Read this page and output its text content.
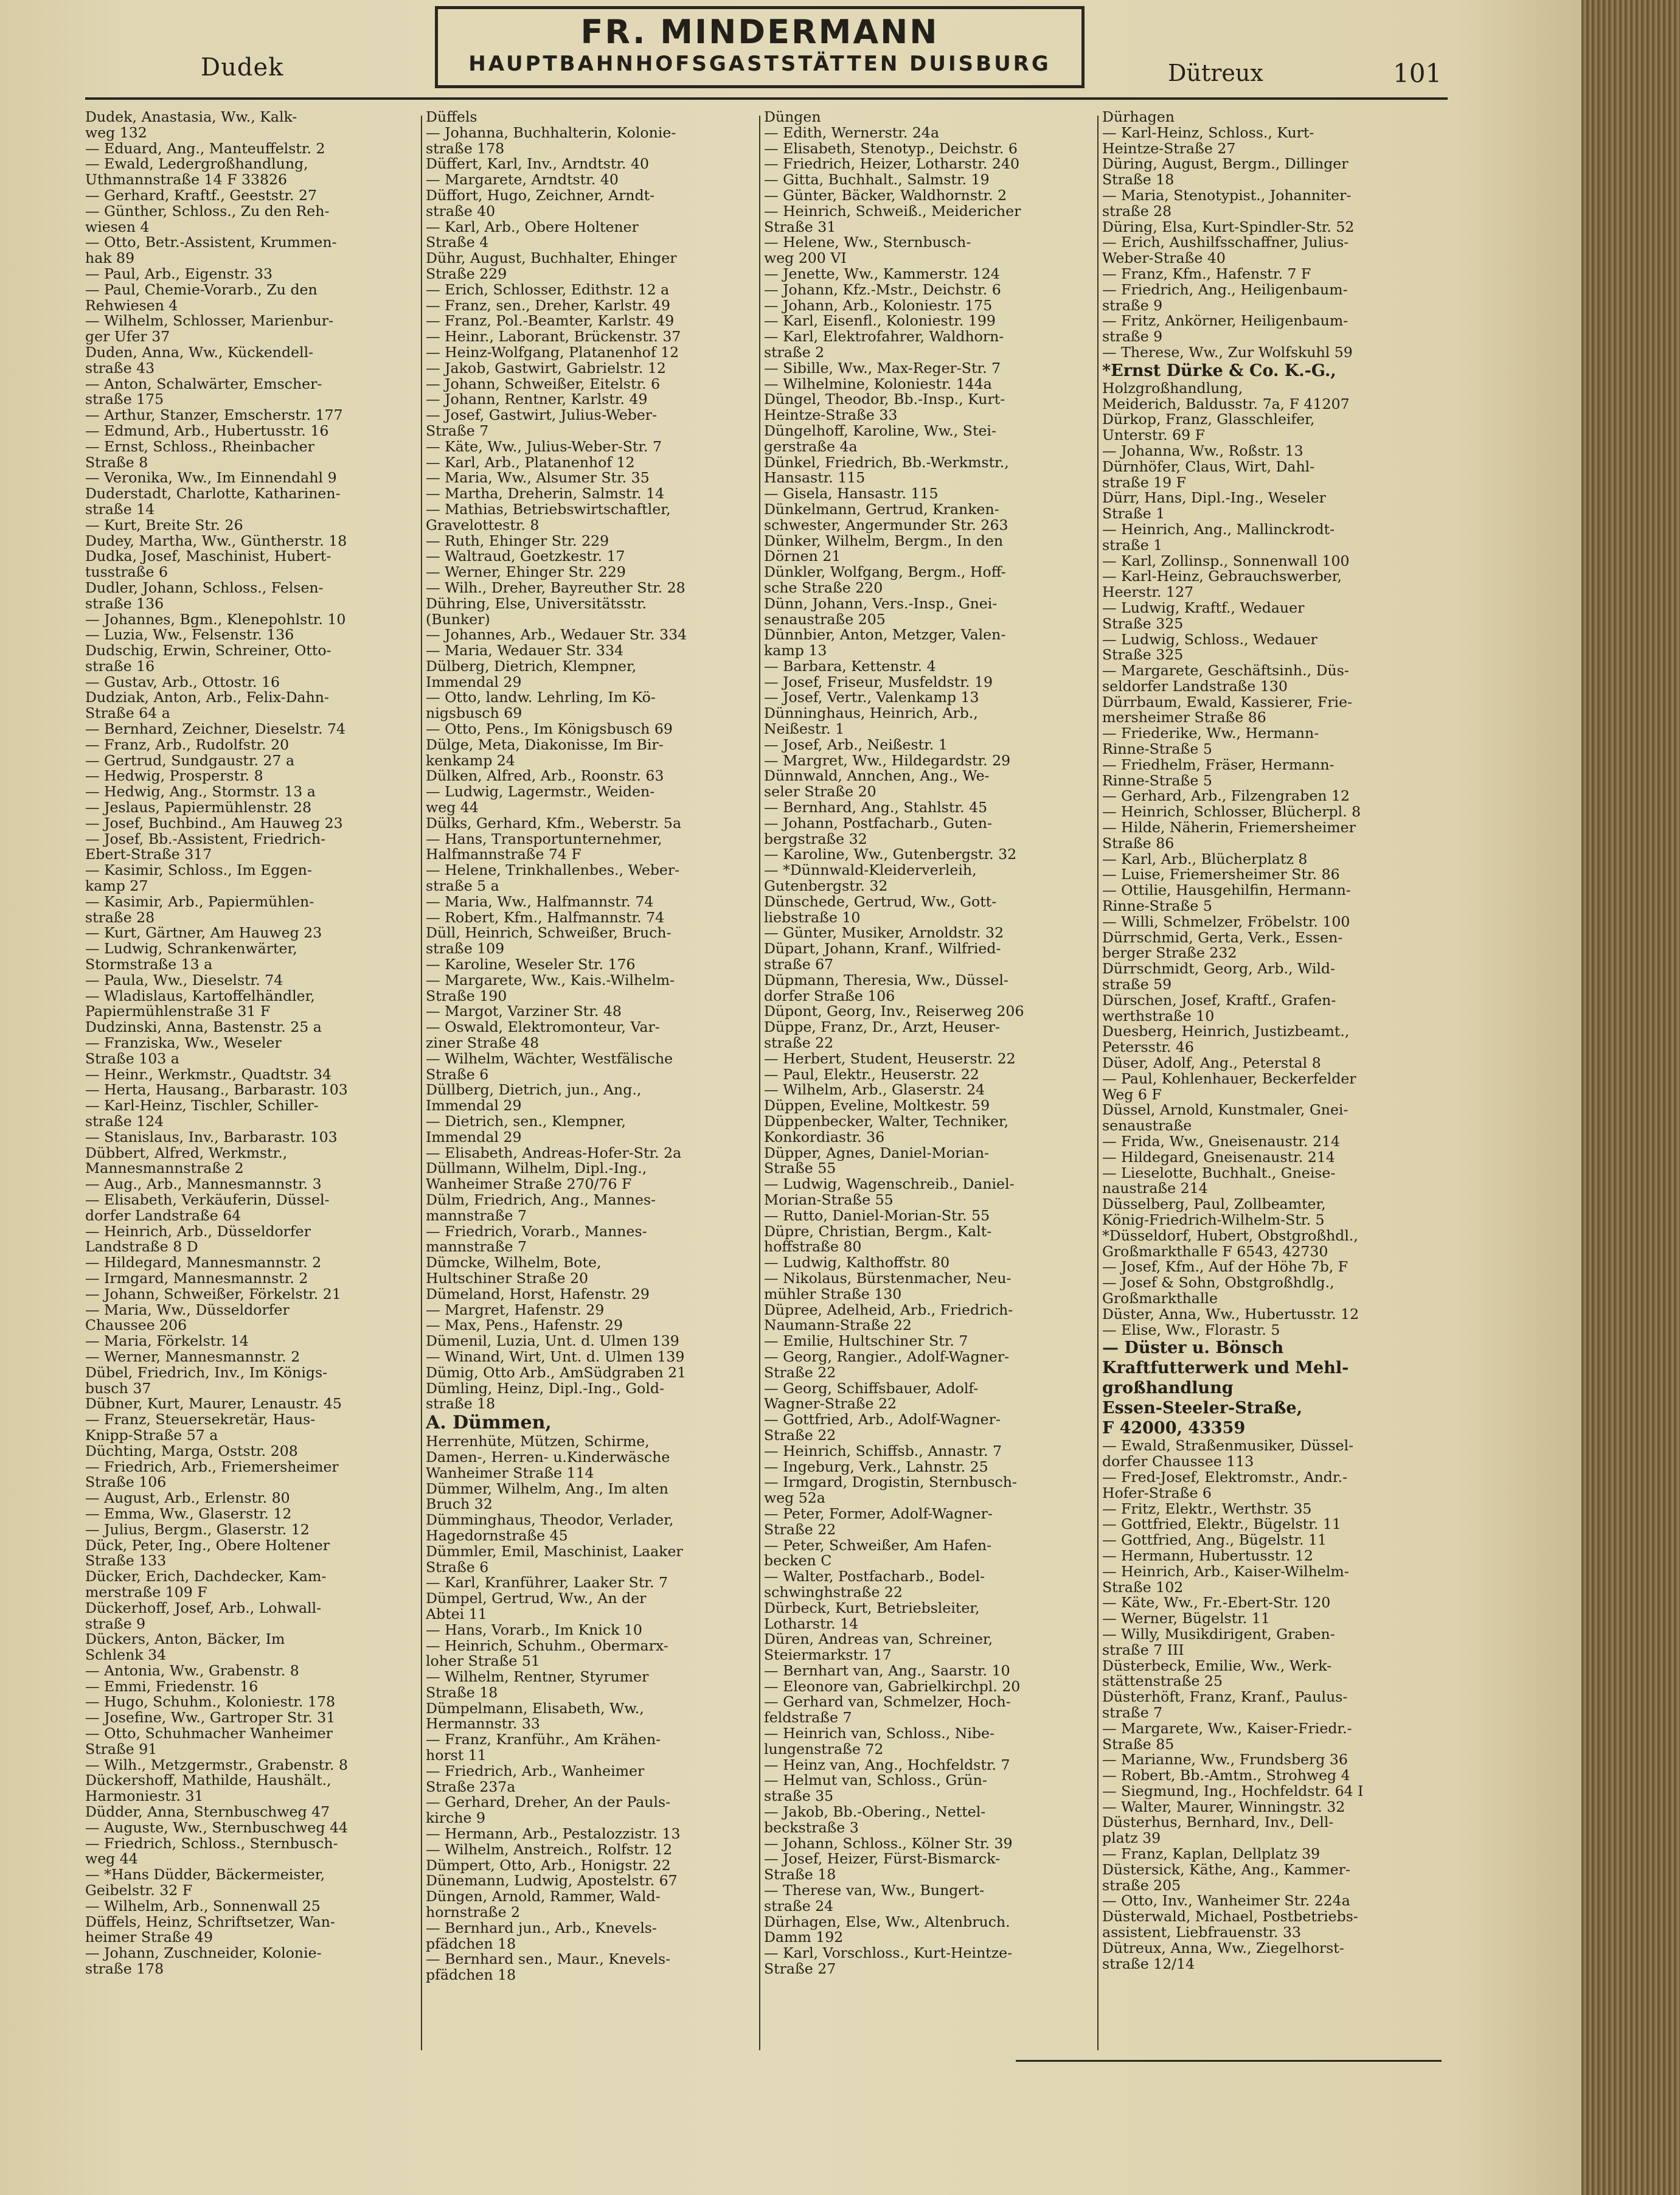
Dudek
FR. MINDERMANN
HAUPTBAHNHOFSGASTSTÄTTEN DUISBURG	Dütreux	101
Dudek, Anastasia, Ww., Kalk-
weg 132
— Eduard, Ang., Manteuffelstr. 2
— Ewald, Ledergroßhandlung,
Uthmannstraße 14 F 33826
— Gerhard, Kraftf., Geeststr. 27
— Günther, Schloss., Zu den Reh-
wiesen 4
— Otto, Betr.-Assistent, Krummen-
hak 89
— Paul, Arb., Eigenstr. 33
— Paul, Chemie-Vorarb., Zu den
Rehwiesen 4
— Wilhelm, Schlosser, Marienbur-
ger Ufer 37
Duden, Anna, Ww., Kückendell-
straße 43
— Anton, Schalwärter, Emscher-
straße 175
— Arthur, Stanzer, Emscherstr. 177
— Edmund, Arb., Hubertusstr. 16
— Ernst, Schloss., Rheinbacher
Straße 8
— Veronika, Ww., Im Einnendahl 9
Duderstadt, Charlotte, Katharinen-
straße 14
— Kurt, Breite Str. 26
Dudey, Martha, Ww., Güntherstr. 18
Dudka, Josef, Maschinist, Hubert-
tusstraße 6
Dudler, Johann, Schloss., Felsen-
straße 136
— Johannes, Bgm., Klenepohlstr. 10
— Luzia, Ww., Felsenstr. 136
Dudschig, Erwin, Schreiner, Otto-
straße 16
— Gustav, Arb., Ottostr. 16
Dudziak, Anton, Arb., Felix-Dahn-
Straße 64 a
— Bernhard, Zeichner, Dieselstr. 74
— Franz, Arb., Rudolfstr. 20
— Gertrud, Sundgaustr. 27 a
— Hedwig, Prosperstr. 8
— Hedwig, Ang., Stormstr. 13 a
— Jeslaus, Papiermühlenstr. 28
— Josef, Buchbind., Am Hauweg 23
— Josef, Bb.-Assistent, Friedrich-
Ebert-Straße 317
— Kasimir, Schloss., Im Eggen-
kamp 27
— Kasimir, Arb., Papiermühlen-
straße 28
— Kurt, Gärtner, Am Hauweg 23
— Ludwig, Schrankenwärter,
Stormstraße 13 a
— Paula, Ww., Dieselstr. 74
— Wladislaus, Kartoffelhändler,
Papiermühlenstraße 31 F
Dudzinski, Anna, Bastenstr. 25 a
— Franziska, Ww., Weseler
Straße 103 a
— Heinr., Werkmstr., Quadtstr. 34
— Herta, Hausang., Barbarastr. 103
— Karl-Heinz, Tischler, Schiller-
straße 124
— Stanislaus, Inv., Barbarastr. 103
Dübbert, Alfred, Werkmstr.,
Mannesmannstraße 2
— Aug., Arb., Mannesmannstr. 3
— Elisabeth, Verkäuferin, Düssel-
dorfer Landstraße 64
— Heinrich, Arb., Düsseldorfer
Landstraße 8 D
— Hildegard, Mannesmannstr. 2
— Irmgard, Mannesmannstr. 2
— Johann, Schweißer, Förkelstr. 21
— Maria, Ww., Düsseldorfer
Chaussee 206
— Maria, Förkelstr. 14
— Werner, Mannesmannstr. 2
Dübel, Friedrich, Inv., Im Königs-
busch 37
Dübner, Kurt, Maurer, Lenaustr. 45
— Franz, Steuersekretär, Haus-
Knipp-Straße 57 a
Düchting, Marga, Oststr. 208
— Friedrich, Arb., Friemersheimer
Straße 106
— August, Arb., Erlenstr. 80
— Emma, Ww., Glaserstr. 12
— Julius, Bergm., Glaserstr. 12
Dück, Peter, Ing., Obere Holtener
Straße 133
Dücker, Erich, Dachdecker, Kam-
merstraße 109 F
Dückerhoff, Josef, Arb., Lohwall-
straße 9
Dückers, Anton, Bäcker, Im
Schlenk 34
— Antonia, Ww., Grabenstr. 8
— Emmi, Friedenstr. 16
— Hugo, Schuhm., Koloniestr. 178
— Josefine, Ww., Gartroper Str. 31
— Otto, Schuhmacher Wanheimer
Straße 91
— Wilh., Metzgermstr., Grabenstr. 8
Dückershoff, Mathilde, Haushält.,
Harmoniestr. 31
Düdder, Anna, Sternbuschweg 47
— Auguste, Ww., Sternbuschweg 44
— Friedrich, Schloss., Sternbusch-
weg 44
— *Hans Düdder, Bäckermeister,
Geibelstr. 32 F
— Wilhelm, Arb., Sonnenwall 25
Düffels, Heinz, Schriftsetzer, Wan-
heimer Straße 49
— Johann, Zuschneider, Kolonie-
straße 178
Düffels
— Johanna, Buchhalterin, Kolonie-
straße 178
Düffert, Karl, Inv., Arndtstr. 40
— Margarete, Arndtstr. 40
Düffort, Hugo, Zeichner, Arndt-
straße 40
— Karl, Arb., Obere Holtener
Straße 4
Dühr, August, Buchhalter, Ehinger
Straße 229
— Erich, Schlosser, Edithstr. 12 a
— Franz, sen., Dreher, Karlstr. 49
— Franz, Pol.-Beamter, Karlstr. 49
— Heinr., Laborant, Brückenstr. 37
— Heinz-Wolfgang, Platanenhof 12
— Jakob, Gastwirt, Gabrielstr. 12
— Johann, Schweißer, Eitelstr. 6
— Johann, Rentner, Karlstr. 49
— Josef, Gastwirt, Julius-Weber-
Straße 7
— Käte, Ww., Julius-Weber-Str. 7
— Karl, Arb., Platanenhof 12
— Maria, Ww., Alsumer Str. 35
— Martha, Dreherin, Salmstr. 14
— Mathias, Betriebswirtschaftler,
Gravelottestr. 8
— Ruth, Ehinger Str. 229
— Waltraud, Goetzkestr. 17
— Werner, Ehinger Str. 229
— Wilh., Dreher, Bayreuther Str. 28
Dühring, Else, Universitätsstr.
(Bunker)
— Johannes, Arb., Wedauer Str. 334
— Maria, Wedauer Str. 334
Dülberg, Dietrich, Klempner,
Immendal 29
— Otto, landw. Lehrling, Im Kö-
nigsbusch 69
— Otto, Pens., Im Königsbusch 69
Dülge, Meta, Diakonisse, Im Bir-
kenkamp 24
Dülken, Alfred, Arb., Roonstr. 63
— Ludwig, Lagermstr., Weiden-
weg 44
Dülks, Gerhard, Kfm., Weberstr. 5a
— Hans, Transportunternehmer,
Halfmannstraße 74 F
— Helene, Trinkhallenbes., Weber-
straße 5 a
— Maria, Ww., Halfmannstr. 74
— Robert, Kfm., Halfmannstr. 74
Düll, Heinrich, Schweißer, Bruch-
straße 109
— Karoline, Weseler Str. 176
— Margarete, Ww., Kais.-Wilhelm-
Straße 190
— Margot, Varziner Str. 48
— Oswald, Elektromonteur, Var-
ziner Straße 48
— Wilhelm, Wächter, Westfälische
Straße 6
Düllberg, Dietrich, jun., Ang.,
Immendal 29
— Dietrich, sen., Klempner,
Immendal 29
— Elisabeth, Andreas-Hofer-Str. 2a
Düllmann, Wilhelm, Dipl.-Ing.,
Wanheimer Straße 270/76 F
Dülm, Friedrich, Ang., Mannes-
mannstraße 7
— Friedrich, Vorarb., Mannes-
mannstraße 7
Dümcke, Wilhelm, Bote,
Hultschiner Straße 20
Dümeland, Horst, Hafenstr. 29
— Margret, Hafenstr. 29
— Max, Pens., Hafenstr. 29
Dümenil, Luzia, Unt. d. Ulmen 139
— Winand, Wirt, Unt. d. Ulmen 139
Dümig, Otto Arb., AmSüdgraben 21
Dümling, Heinz, Dipl.-Ing., Gold-
straße 18
A. Dümmen,
Herrenhüte, Mützen, Schirme,
Damen-, Herren- u.Kinderwäsche
Wanheimer Straße 114
Dümmer, Wilhelm, Ang., Im alten
Bruch 32
Dümminghaus, Theodor, Verlader,
Hagedornstraße 45
Dümmler, Emil, Maschinist, Laaker
Straße 6
— Karl, Kranführer, Laaker Str. 7
Dümpel, Gertrud, Ww., An der
Abtei 11
— Hans, Vorarb., Im Knick 10
— Heinrich, Schuhm., Obermarx-
loher Straße 51
— Wilhelm, Rentner, Styrumer
Straße 18
Dümpelmann, Elisabeth, Ww.,
Hermannstr. 33
— Franz, Kranführ., Am Krähen-
horst 11
— Friedrich, Arb., Wanheimer
Straße 237a
— Gerhard, Dreher, An der Pauls-
kirche 9
— Hermann, Arb., Pestalozzistr. 13
— Wilhelm, Anstreich., Rolfstr. 12
Dümpert, Otto, Arb., Honigstr. 22
Dünemann, Ludwig, Apostelstr. 67
Düngen, Arnold, Rammer, Wald-
hornstraße 2
— Bernhard jun., Arb., Knevels-
pfädchen 18
— Bernhard sen., Maur., Knevels-
pfädchen 18
Düngen
— Edith, Wernerstr. 24a
— Elisabeth, Stenotyp., Deichstr. 6
— Friedrich, Heizer, Lotharstr. 240
— Gitta, Buchhalt., Salmstr. 19
— Günter, Bäcker, Waldhornstr. 2
— Heinrich, Schweiß., Meidericher
Straße 31
— Helene, Ww., Sternbusch-
weg 200 VI
— Jenette, Ww., Kammerstr. 124
— Johann, Kfz.-Mstr., Deichstr. 6
— Johann, Arb., Koloniestr. 175
— Karl, Eisenfl., Koloniestr. 199
— Karl, Elektrofahrer, Waldhorn-
straße 2
— Sibille, Ww., Max-Reger-Str. 7
— Wilhelmine, Koloniestr. 144a
Düngel, Theodor, Bb.-Insp., Kurt-
Heintze-Straße 33
Düngelhoff, Karoline, Ww., Stei-
gerstraße 4a
Dünkel, Friedrich, Bb.-Werkmstr.,
Hansastr. 115
— Gisela, Hansastr. 115
Dünkelmann, Gertrud, Kranken-
schwester, Angermunder Str. 263
Dünker, Wilhelm, Bergm., In den
Dörnen 21
Dünkler, Wolfgang, Bergm., Hoff-
sche Straße 220
Dünn, Johann, Vers.-Insp., Gnei-
senaustraße 205
Dünnbier, Anton, Metzger, Valen-
kamp 13
— Barbara, Kettenstr. 4
— Josef, Friseur, Musfeldstr. 19
— Josef, Vertr., Valenkamp 13
Dünninghaus, Heinrich, Arb.,
Neißestr. 1
— Josef, Arb., Neißestr. 1
— Margret, Ww., Hildegardstr. 29
Dünnwald, Annchen, Ang., We-
seler Straße 20
— Bernhard, Ang., Stahlstr. 45
— Johann, Postfacharb., Guten-
bergstraße 32
— Karoline, Ww., Gutenbergstr. 32
— *Dünnwald-Kleiderverleih,
Gutenbergstr. 32
Dünschede, Gertrud, Ww., Gott-
liebstraße 10
— Günter, Musiker, Arnoldstr. 32
Düpart, Johann, Kranf., Wilfried-
straße 67
Düpmann, Theresia, Ww., Düssel-
dorfer Straße 106
Düpont, Georg, Inv., Reiserweg 206
Düppe, Franz, Dr., Arzt, Heuser-
straße 22
— Herbert, Student, Heuserstr. 22
— Paul, Elektr., Heuserstr. 22
— Wilhelm, Arb., Glaserstr. 24
Düppen, Eveline, Moltkestr. 59
Düppenbecker, Walter, Techniker,
Konkordiastr. 36
Düpper, Agnes, Daniel-Morian-
Straße 55
— Ludwig, Wagenschreib., Daniel-
Morian-Straße 55
— Rutto, Daniel-Morian-Str. 55
Düpre, Christian, Bergm., Kalt-
hoffstraße 80
— Ludwig, Kalthoffstr. 80
— Nikolaus, Bürstenmacher, Neu-
mühler Straße 130
Düpree, Adelheid, Arb., Friedrich-
Naumann-Straße 22
— Emilie, Hultschiner Str. 7
— Georg, Rangier., Adolf-Wagner-
Straße 22
— Georg, Schiffsbauer, Adolf-
Wagner-Straße 22
— Gottfried, Arb., Adolf-Wagner-
Straße 22
— Heinrich, Schiffsb., Annastr. 7
— Ingeburg, Verk., Lahnstr. 25
— Irmgard, Drogistin, Sternbusch-
weg 52a
— Peter, Former, Adolf-Wagner-
Straße 22
— Peter, Schweißer, Am Hafen-
becken C
— Walter, Postfacharb., Bodel-
schwinghstraße 22
Dürbeck, Kurt, Betriebsleiter,
Lotharstr. 14
Düren, Andreas van, Schreiner,
Steiermarkstr. 17
— Bernhart van, Ang., Saarstr. 10
— Eleonore van, Gabrielkirchpl. 20
— Gerhard van, Schmelzer, Hoch-
feldstraße 7
— Heinrich van, Schloss., Nibe-
lungenstraße 72
— Heinz van, Ang., Hochfeldstr. 7
— Helmut van, Schloss., Grün-
straße 35
— Jakob, Bb.-Obering., Nettel-
beckstraße 3
— Johann, Schloss., Kölner Str. 39
— Josef, Heizer, Fürst-Bismarck-
Straße 18
— Therese van, Ww., Bungert-
straße 24
Dürhagen, Else, Ww., Altenbruch.
Damm 192
— Karl, Vorschloss., Kurt-Heintze-
Straße 27
Dürhagen
— Karl-Heinz, Schloss., Kurt-
Heintze-Straße 27
Düring, August, Bergm., Dillinger
Straße 18
— Maria, Stenotypist., Johanniter-
straße 28
Düring, Elsa, Kurt-Spindler-Str. 52
— Erich, Aushilfsschaffner, Julius-
Weber-Straße 40
— Franz, Kfm., Hafenstr. 7 F
— Friedrich, Ang., Heiligenbaum-
straße 9
— Fritz, Ankörner, Heiligenbaum-
straße 9
— Therese, Ww., Zur Wolfskuhl 59
*Ernst Dürke & Co. K.-G.,
Holzgroßhandlung,
Meiderich, Baldusstr. 7a, F 41207
Dürkop, Franz, Glasschleifer,
Unterstr. 69 F
— Johanna, Ww., Roßstr. 13
Dürnhöfer, Claus, Wirt, Dahl-
straße 19 F
Dürr, Hans, Dipl.-Ing., Weseler
Straße 1
— Heinrich, Ang., Mallinckrodt-
straße 1
— Karl, Zollinsp., Sonnenwall 100
— Karl-Heinz, Gebrauchswerber,
Heerstr. 127
— Ludwig, Kraftf., Wedauer
Straße 325
— Ludwig, Schloss., Wedauer
Straße 325
— Margarete, Geschäftsinh., Düs-
seldorfer Landstraße 130
Dürrbaum, Ewald, Kassierer, Frie-
mersheimer Straße 86
— Friederike, Ww., Hermann-
Rinne-Straße 5
— Friedhelm, Fräser, Hermann-
Rinne-Straße 5
— Gerhard, Arb., Filzengraben 12
— Heinrich, Schlosser, Blücherpl. 8
— Hilde, Näherin, Friemersheimer
Straße 86
— Karl, Arb., Blücherplatz 8
— Luise, Friemersheimer Str. 86
— Ottilie, Hausgehilfin, Hermann-
Rinne-Straße 5
— Willi, Schmelzer, Fröbelstr. 100
Dürrschmid, Gerta, Verk., Essen-
berger Straße 232
Dürrschmidt, Georg, Arb., Wild-
straße 59
Dürschen, Josef, Kraftf., Grafen-
werthstraße 10
Duesberg, Heinrich, Justizbeamt.,
Petersstr. 46
Düser, Adolf, Ang., Peterstal 8
— Paul, Kohlenhauer, Beckerfelder
Weg 6 F
Düssel, Arnold, Kunstmaler, Gnei-
senaustraße
— Frida, Ww., Gneisenaustr. 214
— Hildegard, Gneisenaustr. 214
— Lieselotte, Buchhalt., Gneise-
naustraße 214
Düsselberg, Paul, Zollbeamter,
König-Friedrich-Wilhelm-Str. 5
*Düsseldorf, Hubert, Obstgroßhdl.,
Großmarkthalle F 6543, 42730
— Josef, Kfm., Auf der Höhe 7b, F
— Josef & Sohn, Obstgroßhdlg.,
Großmarkthalle
Düster, Anna, Ww., Hubertusstr. 12
— Elise, Ww., Florastr. 5
— Düster u. Bönsch
Kraftfutterwerk und Mehl-
großhandlung
Essen-Steeler-Straße,
F 42000, 43359
— Ewald, Straßenmusiker, Düssel-
dorfer Chaussee 113
— Fred-Josef, Elektromstr., Andr.-
Hofer-Straße 6
— Fritz, Elektr., Werthstr. 35
— Gottfried, Elektr., Bügelstr. 11
— Gottfried, Ang., Bügelstr. 11
— Hermann, Hubertusstr. 12
— Heinrich, Arb., Kaiser-Wilhelm-
Straße 102
— Käte, Ww., Fr.-Ebert-Str. 120
— Werner, Bügelstr. 11
— Willy, Musikdirigent, Graben-
straße 7 III
Düsterbeck, Emilie, Ww., Werk-
stättenstraße 25
Düsterhöft, Franz, Kranf., Paulus-
straße 7
— Margarete, Ww., Kaiser-Friedr.-
Straße 85
— Marianne, Ww., Frundsberg 36
— Robert, Bb.-Amtm., Strohweg 4
— Siegmund, Ing., Hochfeldstr. 64 I
— Walter, Maurer, Winningstr. 32
Düsterhus, Bernhard, Inv., Dell-
platz 39
— Franz, Kaplan, Dellplatz 39
Düstersick, Käthe, Ang., Kammer-
straße 205
— Otto, Inv., Wanheimer Str. 224a
Düsterwald, Michael, Postbetriebs-
assistent, Liebfrauenstr. 33
Dütreux, Anna, Ww., Ziegelhorst-
straße 12/14
